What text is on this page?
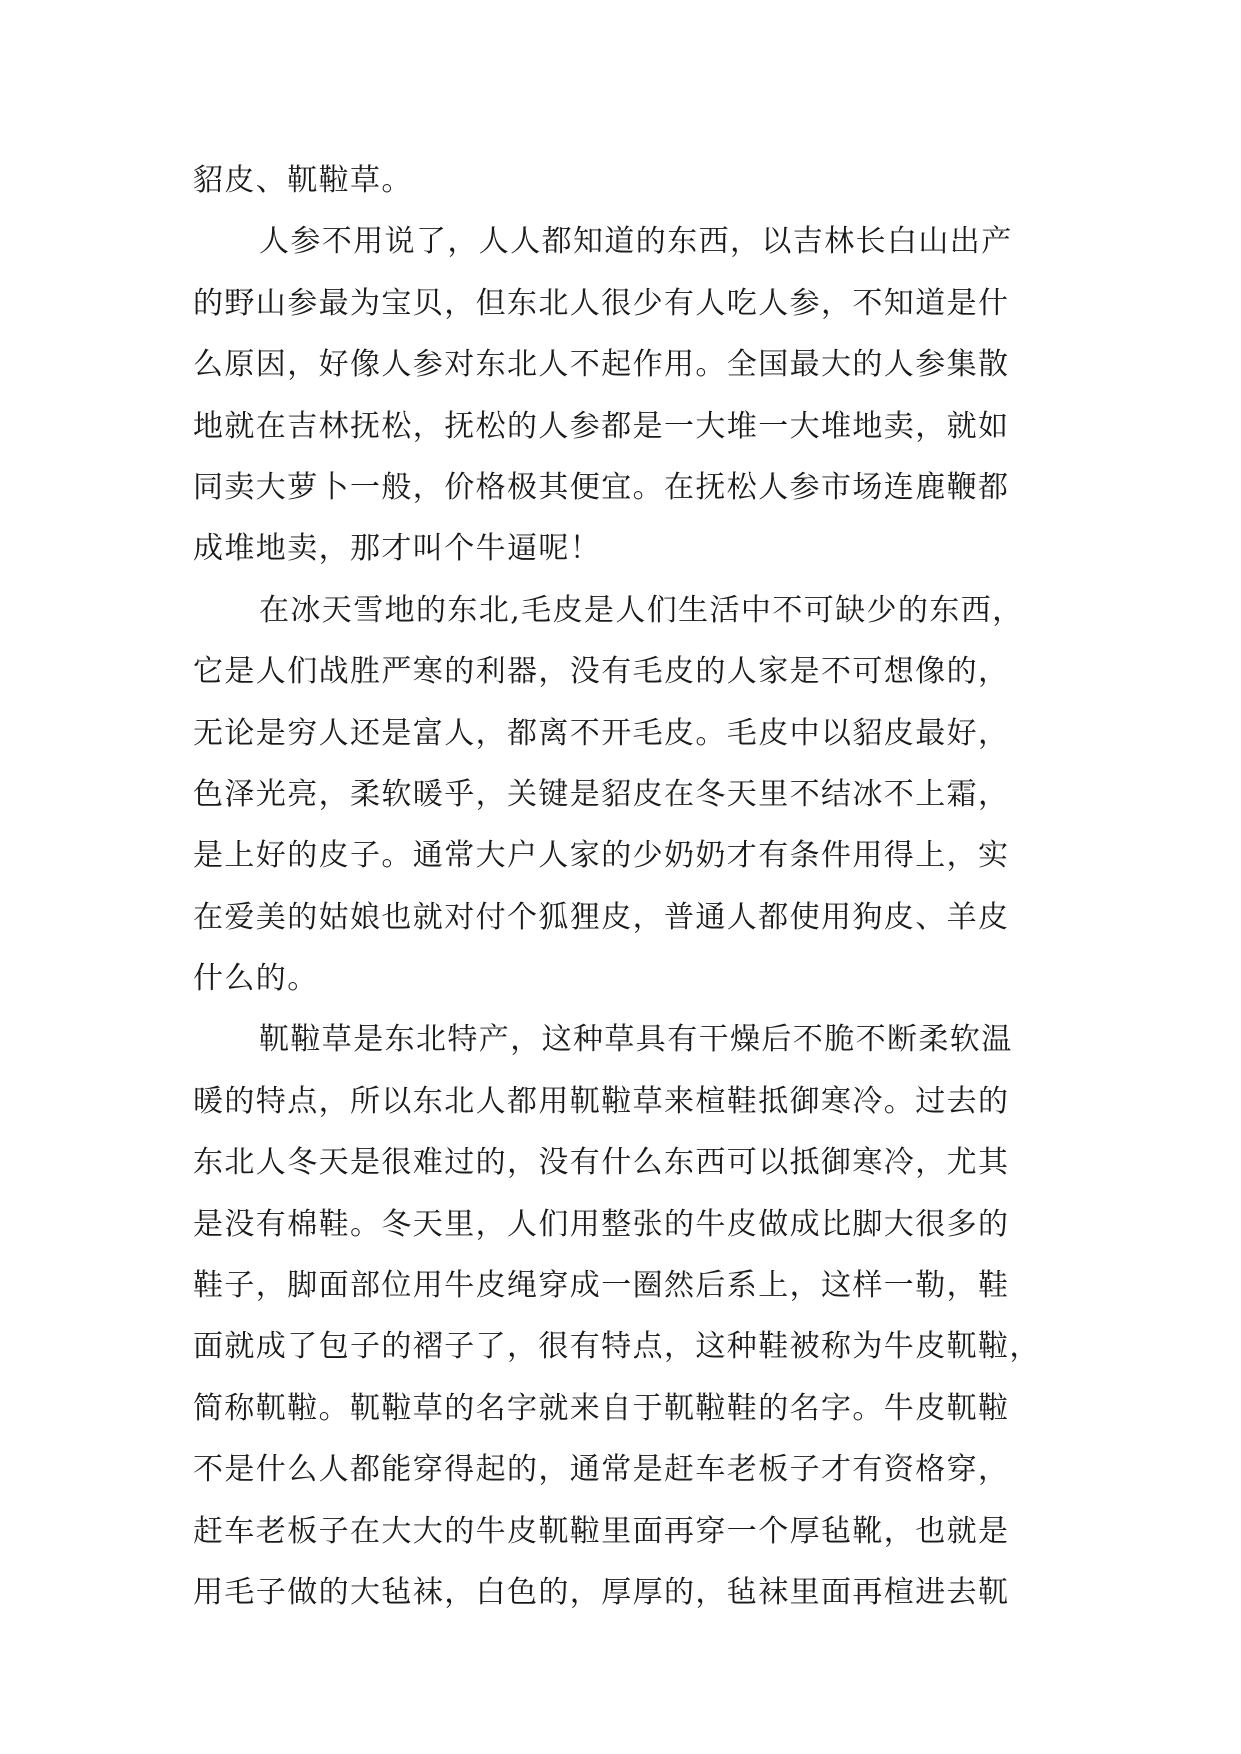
貂皮、靰鞡草。
人参不用说了，人人都知道的东西，以吉林长白山出产
的野山参最为宝贝，但东北人很少有人吃人参，不知道是什
么原因，好像人参对东北人不起作用。全国最大的人参集散
地就在吉林抚松，抚松的人参都是一大堆一大堆地卖，就如
同卖大萝卜一般，价格极其便宜。在抚松人参市场连鹿鞭都
成堆地卖，那才叫个牛逼呢！
在冰天雪地的东北,毛皮是人们生活中不可缺少的东西，
它是人们战胜严寒的利器，没有毛皮的人家是不可想像的，
无论是穷人还是富人，都离不开毛皮。毛皮中以貂皮最好，
色泽光亮，柔软暖乎，关键是貂皮在冬天里不结冰不上霜，
是上好的皮子。通常大户人家的少奶奶才有条件用得上，实
在爱美的姑娘也就对付个狐狸皮，普通人都使用狗皮、羊皮
什么的。
靰鞡草是东北特产，这种草具有干燥后不脆不断柔软温
暖的特点，所以东北人都用靰鞡草来楦鞋抵御寒冷。过去的
东北人冬天是很难过的，没有什么东西可以抵御寒冷，尤其
是没有棉鞋。冬天里，人们用整张的牛皮做成比脚大很多的
鞋子，脚面部位用牛皮绳穿成一圈然后系上，这样一勒，鞋
面就成了包子的褶子了，很有特点，这种鞋被称为牛皮靰鞡，
简称靰鞡。靰鞡草的名字就来自于靰鞡鞋的名字。牛皮靰鞡
不是什么人都能穿得起的，通常是赶车老板子才有资格穿，
赶车老板子在大大的牛皮靰鞡里面再穿一个厚毡靴，也就是
用毛子做的大毡袜，白色的，厚厚的，毡袜里面再楦进去靰
